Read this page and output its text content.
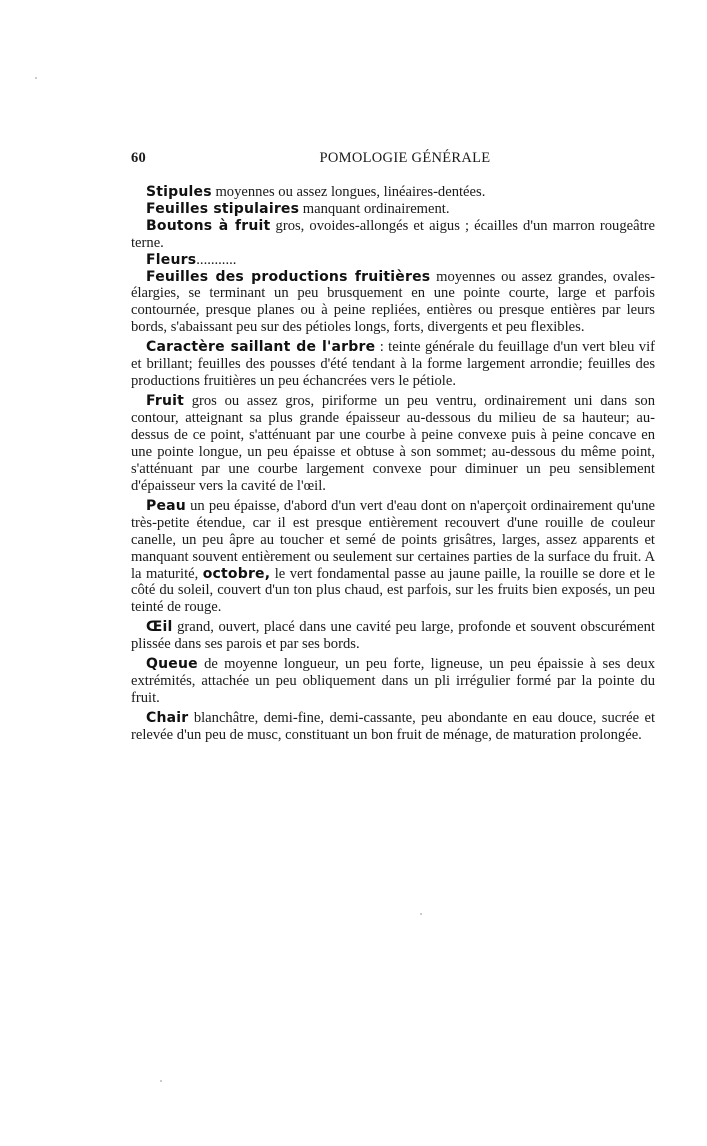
60	POMOLOGIE GÉNÉRALE

Stipules moyennes ou assez longues, linéaires-dentées.

Feuilles stipulaires manquant ordinairement.

Boutons à fruit gros, ovoides-allongés et aigus ; écailles d'un marron rougeâtre terne.

Fleurs...........

Feuilles des productions fruitières moyennes ou assez grandes, ovales-élargies, se terminant un peu brusquement en une pointe courte, large et parfois contournée, presque planes ou à peine repliées, entières ou presque entières par leurs bords, s'abaissant peu sur des pétioles longs, forts, divergents et peu flexibles.

Caractère saillant de l'arbre : teinte générale du feuillage d'un vert bleu vif et brillant; feuilles des pousses d'été tendant à la forme largement arrondie; feuilles des productions fruitières un peu échancrées vers le pétiole.

Fruit gros ou assez gros, piriforme un peu ventru, ordinairement uni dans son contour, atteignant sa plus grande épaisseur au-dessous du milieu de sa hauteur; au-dessus de ce point, s'atténuant par une courbe à peine convexe puis à peine concave en une pointe longue, un peu épaisse et obtuse à son sommet; au-dessous du même point, s'atténuant par une courbe largement convexe pour diminuer un peu sensiblement d'épaisseur vers la cavité de l'œil.

Peau un peu épaisse, d'abord d'un vert d'eau dont on n'aperçoit ordinairement qu'une très-petite étendue, car il est presque entièrement recouvert d'une rouille de couleur canelle, un peu âpre au toucher et semé de points grisâtres, larges, assez apparents et manquant souvent entièrement ou seulement sur certaines parties de la surface du fruit. A la maturité, octobre, le vert fondamental passe au jaune paille, la rouille se dore et le côté du soleil, couvert d'un ton plus chaud, est parfois, sur les fruits bien exposés, un peu teinté de rouge.

Œil grand, ouvert, placé dans une cavité peu large, profonde et souvent obscurément plissée dans ses parois et par ses bords.

Queue de moyenne longueur, un peu forte, ligneuse, un peu épaissie à ses deux extrémités, attachée un peu obliquement dans un pli irrégulier formé par la pointe du fruit.

Chair blanchâtre, demi-fine, demi-cassante, peu abondante en eau douce, sucrée et relevée d'un peu de musc, constituant un bon fruit de ménage, de maturation prolongée.
